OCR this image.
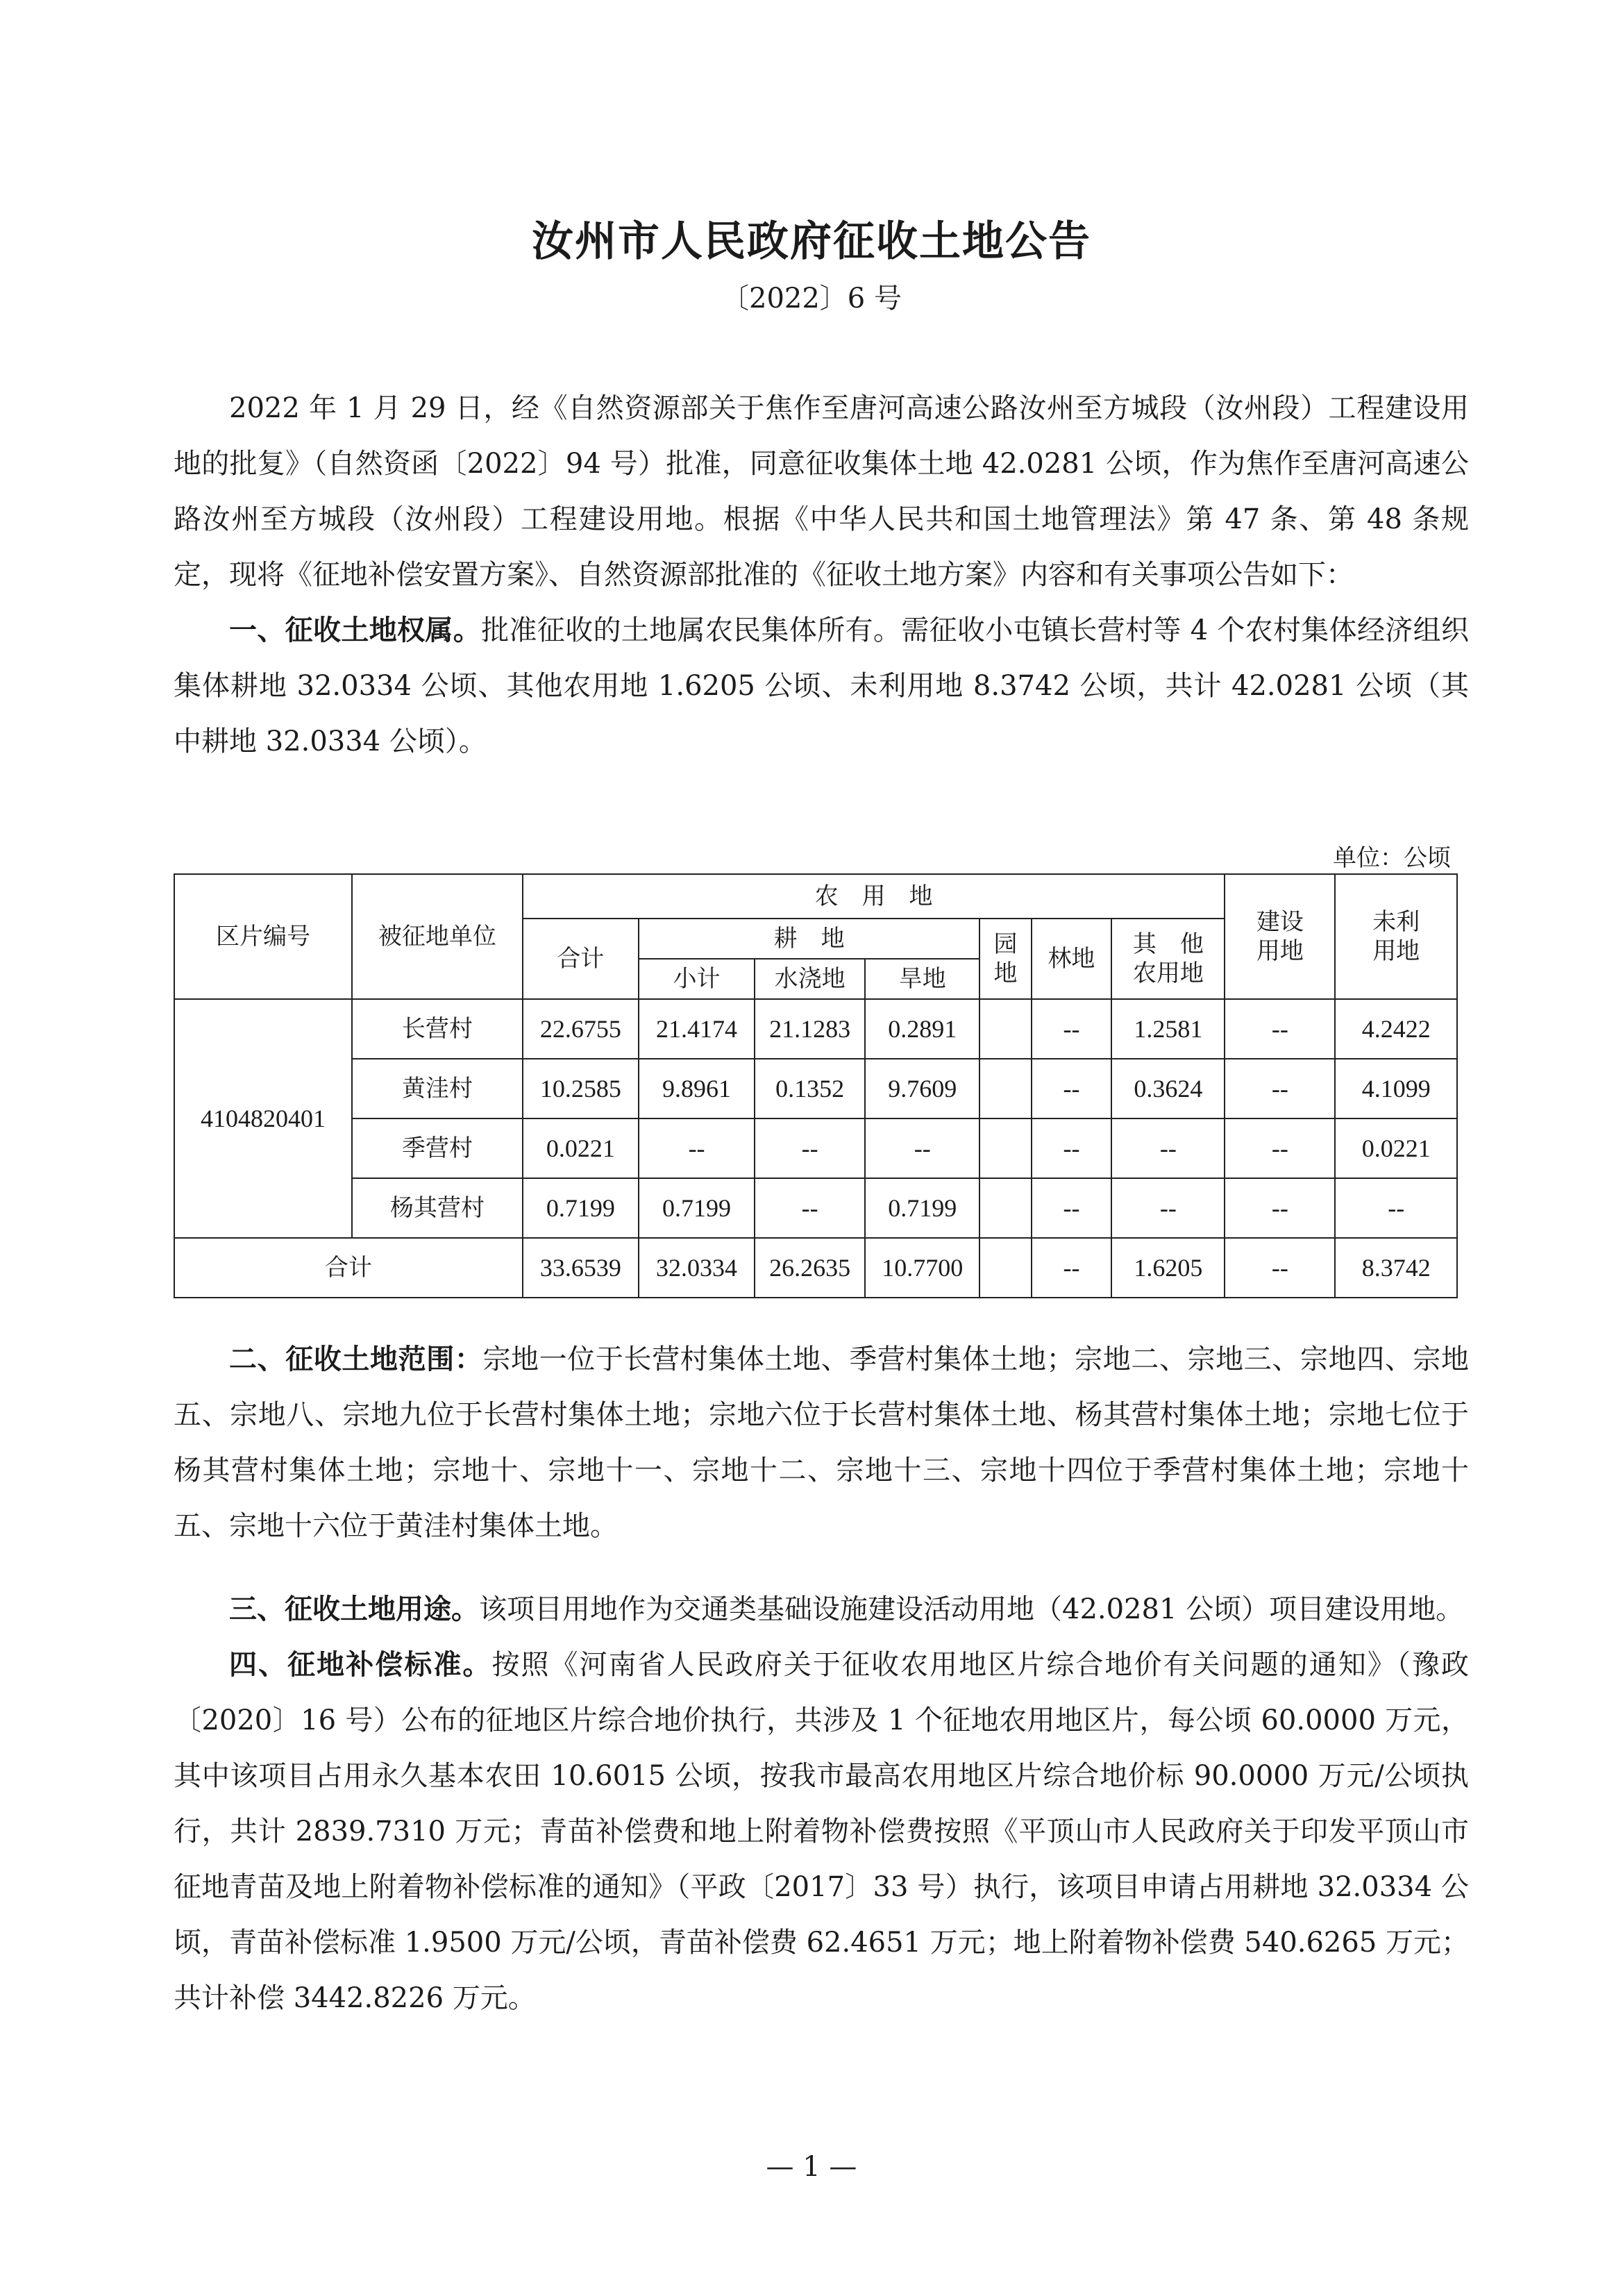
汝州市人民政府征收土地公告
〔2022〕6 号

2022 年 1 月 29 日，经《自然资源部关于焦作至唐河高速公路汝州至方城段（汝州段）工程建设用地的批复》（自然资函〔2022〕94 号）批准，同意征收集体土地 42.0281 公顷，作为焦作至唐河高速公路汝州至方城段（汝州段）工程建设用地。根据《中华人民共和国土地管理法》第 47 条、第 48 条规定，现将《征地补偿安置方案》、自然资源部批准的《征收土地方案》内容和有关事项公告如下：

一、征收土地权属。批准征收的土地属农民集体所有。需征收小屯镇长营村等 4 个农村集体经济组织集体耕地 32.0334 公顷、其他农用地 1.6205 公顷、未利用地 8.3742 公顷，共计 42.0281 公顷（其中耕地 32.0334 公顷）。

单位：公顷
区片编号	被征地单位	农　用　地							建设用地	未利用地

		合计	耕　地			园地	林地	其　他农用地		

			小计	水浇地	旱地					
4104820401	长营村	22.6755	21.4174	21.1283	0.2891		--	1.2581	--	4.2422
	黄洼村	10.2585	9.8961	0.1352	9.7609		--	0.3624	--	4.1099
	季营村	0.0221	--	--	--		--	--	--	0.0221
	杨其营村	0.7199	0.7199	--	0.7199		--	--	--	--
合计		33.6539	32.0334	26.2635	10.7700		--	1.6205	--	8.3742

二、征收土地范围：宗地一位于长营村集体土地、季营村集体土地；宗地二、宗地三、宗地四、宗地五、宗地八、宗地九位于长营村集体土地；宗地六位于长营村集体土地、杨其营村集体土地；宗地七位于杨其营村集体土地；宗地十、宗地十一、宗地十二、宗地十三、宗地十四位于季营村集体土地；宗地十五、宗地十六位于黄洼村集体土地。

三、征收土地用途。该项目用地作为交通类基础设施建设活动用地（42.0281 公顷）项目建设用地。

四、征地补偿标准。按照《河南省人民政府关于征收农用地区片综合地价有关问题的通知》（豫政〔2020〕16 号）公布的征地区片综合地价执行，共涉及 1 个征地农用地区片，每公顷 60.0000 万元，其中该项目占用永久基本农田 10.6015 公顷，按我市最高农用地区片综合地价标 90.0000 万元/公顷执行，共计 2839.7310 万元；青苗补偿费和地上附着物补偿费按照《平顶山市人民政府关于印发平顶山市征地青苗及地上附着物补偿标准的通知》（平政〔2017〕33 号）执行，该项目申请占用耕地 32.0334 公顷，青苗补偿标准 1.9500 万元/公顷，青苗补偿费 62.4651 万元；地上附着物补偿费 540.6265 万元；共计补偿 3442.8226 万元。

— 1 —
